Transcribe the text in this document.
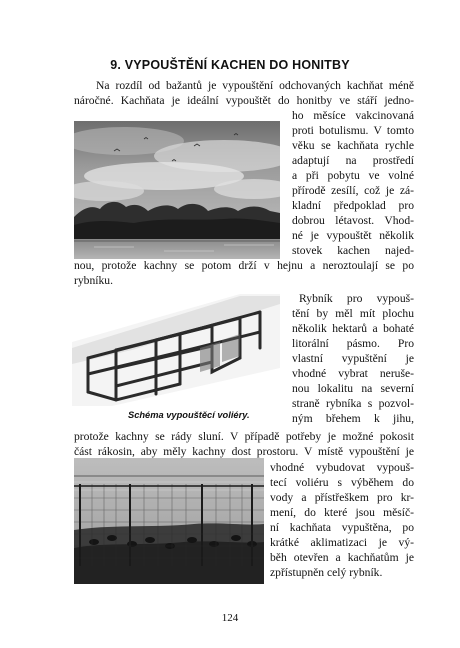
9. VYPOUŠTĚNÍ KACHEN DO HONITBY
Na rozdíl od bažantů je vypouštění odchovaných kachňat méně
náročné. Kachňata je ideální vypouštět do honitby ve stáří jedno-
ho měsíce vakcinovaná
proti botulismu. V tomto
věku se kachňata rychle
adaptují na prostředí
a při pobytu ve volné
přírodě zesílí, což je zá-
kladní předpoklad pro
dobrou létavost. Vhod-
né je vypouštět několik
stovek kachen najed-
nou, protože kachny se potom drží v hejnu a neroztoulají se po
rybníku.
Rybník pro vypouš-
tění by měl mít plochu
několik hektarů a bohaté
litorální pásmo. Pro
vlastní vypuštění je
vhodné vybrat neruše-
nou lokalitu na severní
straně rybníka s pozvol-
ným břehem k jihu,
protože kachny se rády sluní. V případě potřeby je možné pokosit
část rákosin, aby měly kachny dost prostoru. V místě vypouštění je
vhodné vybudovat vypouš-
tecí voliéru s výběhem do
vody a přístřeškem pro kr-
mení, do které jsou měsíč-
ní kachňata vypuštěna, po
krátké aklimatizaci je vý-
běh otevřen a kachňatům je
zpřístupněn celý rybník.
Schéma vypouštěcí voliéry.
124
